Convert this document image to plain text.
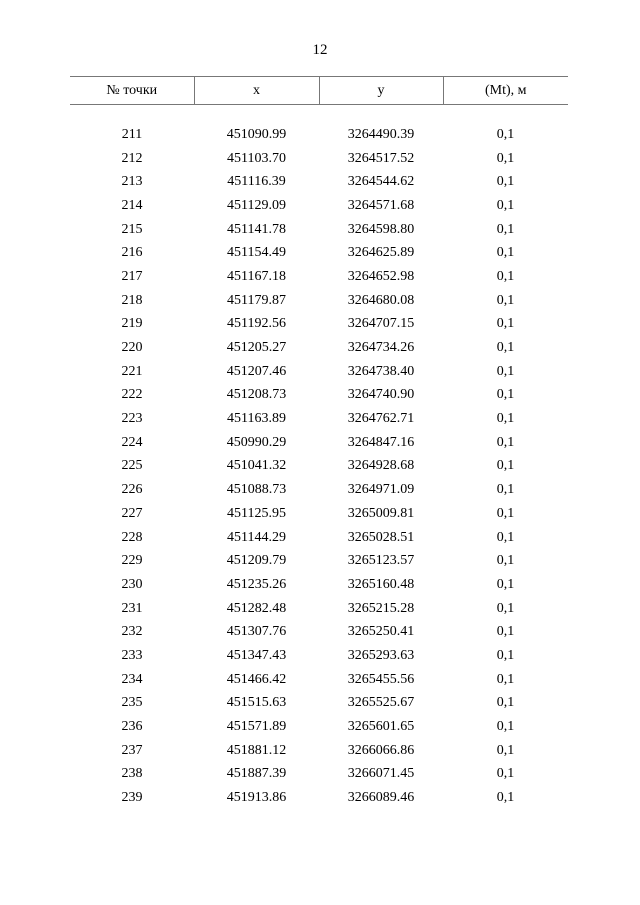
12
№ точки	x	y	(Mt), м

211	451090.99	3264490.39	0,1
212	451103.70	3264517.52	0,1
213	451116.39	3264544.62	0,1
214	451129.09	3264571.68	0,1
215	451141.78	3264598.80	0,1
216	451154.49	3264625.89	0,1
217	451167.18	3264652.98	0,1
218	451179.87	3264680.08	0,1
219	451192.56	3264707.15	0,1
220	451205.27	3264734.26	0,1
221	451207.46	3264738.40	0,1
222	451208.73	3264740.90	0,1
223	451163.89	3264762.71	0,1
224	450990.29	3264847.16	0,1
225	451041.32	3264928.68	0,1
226	451088.73	3264971.09	0,1
227	451125.95	3265009.81	0,1
228	451144.29	3265028.51	0,1
229	451209.79	3265123.57	0,1
230	451235.26	3265160.48	0,1
231	451282.48	3265215.28	0,1
232	451307.76	3265250.41	0,1
233	451347.43	3265293.63	0,1
234	451466.42	3265455.56	0,1
235	451515.63	3265525.67	0,1
236	451571.89	3265601.65	0,1
237	451881.12	3266066.86	0,1
238	451887.39	3266071.45	0,1
239	451913.86	3266089.46	0,1
